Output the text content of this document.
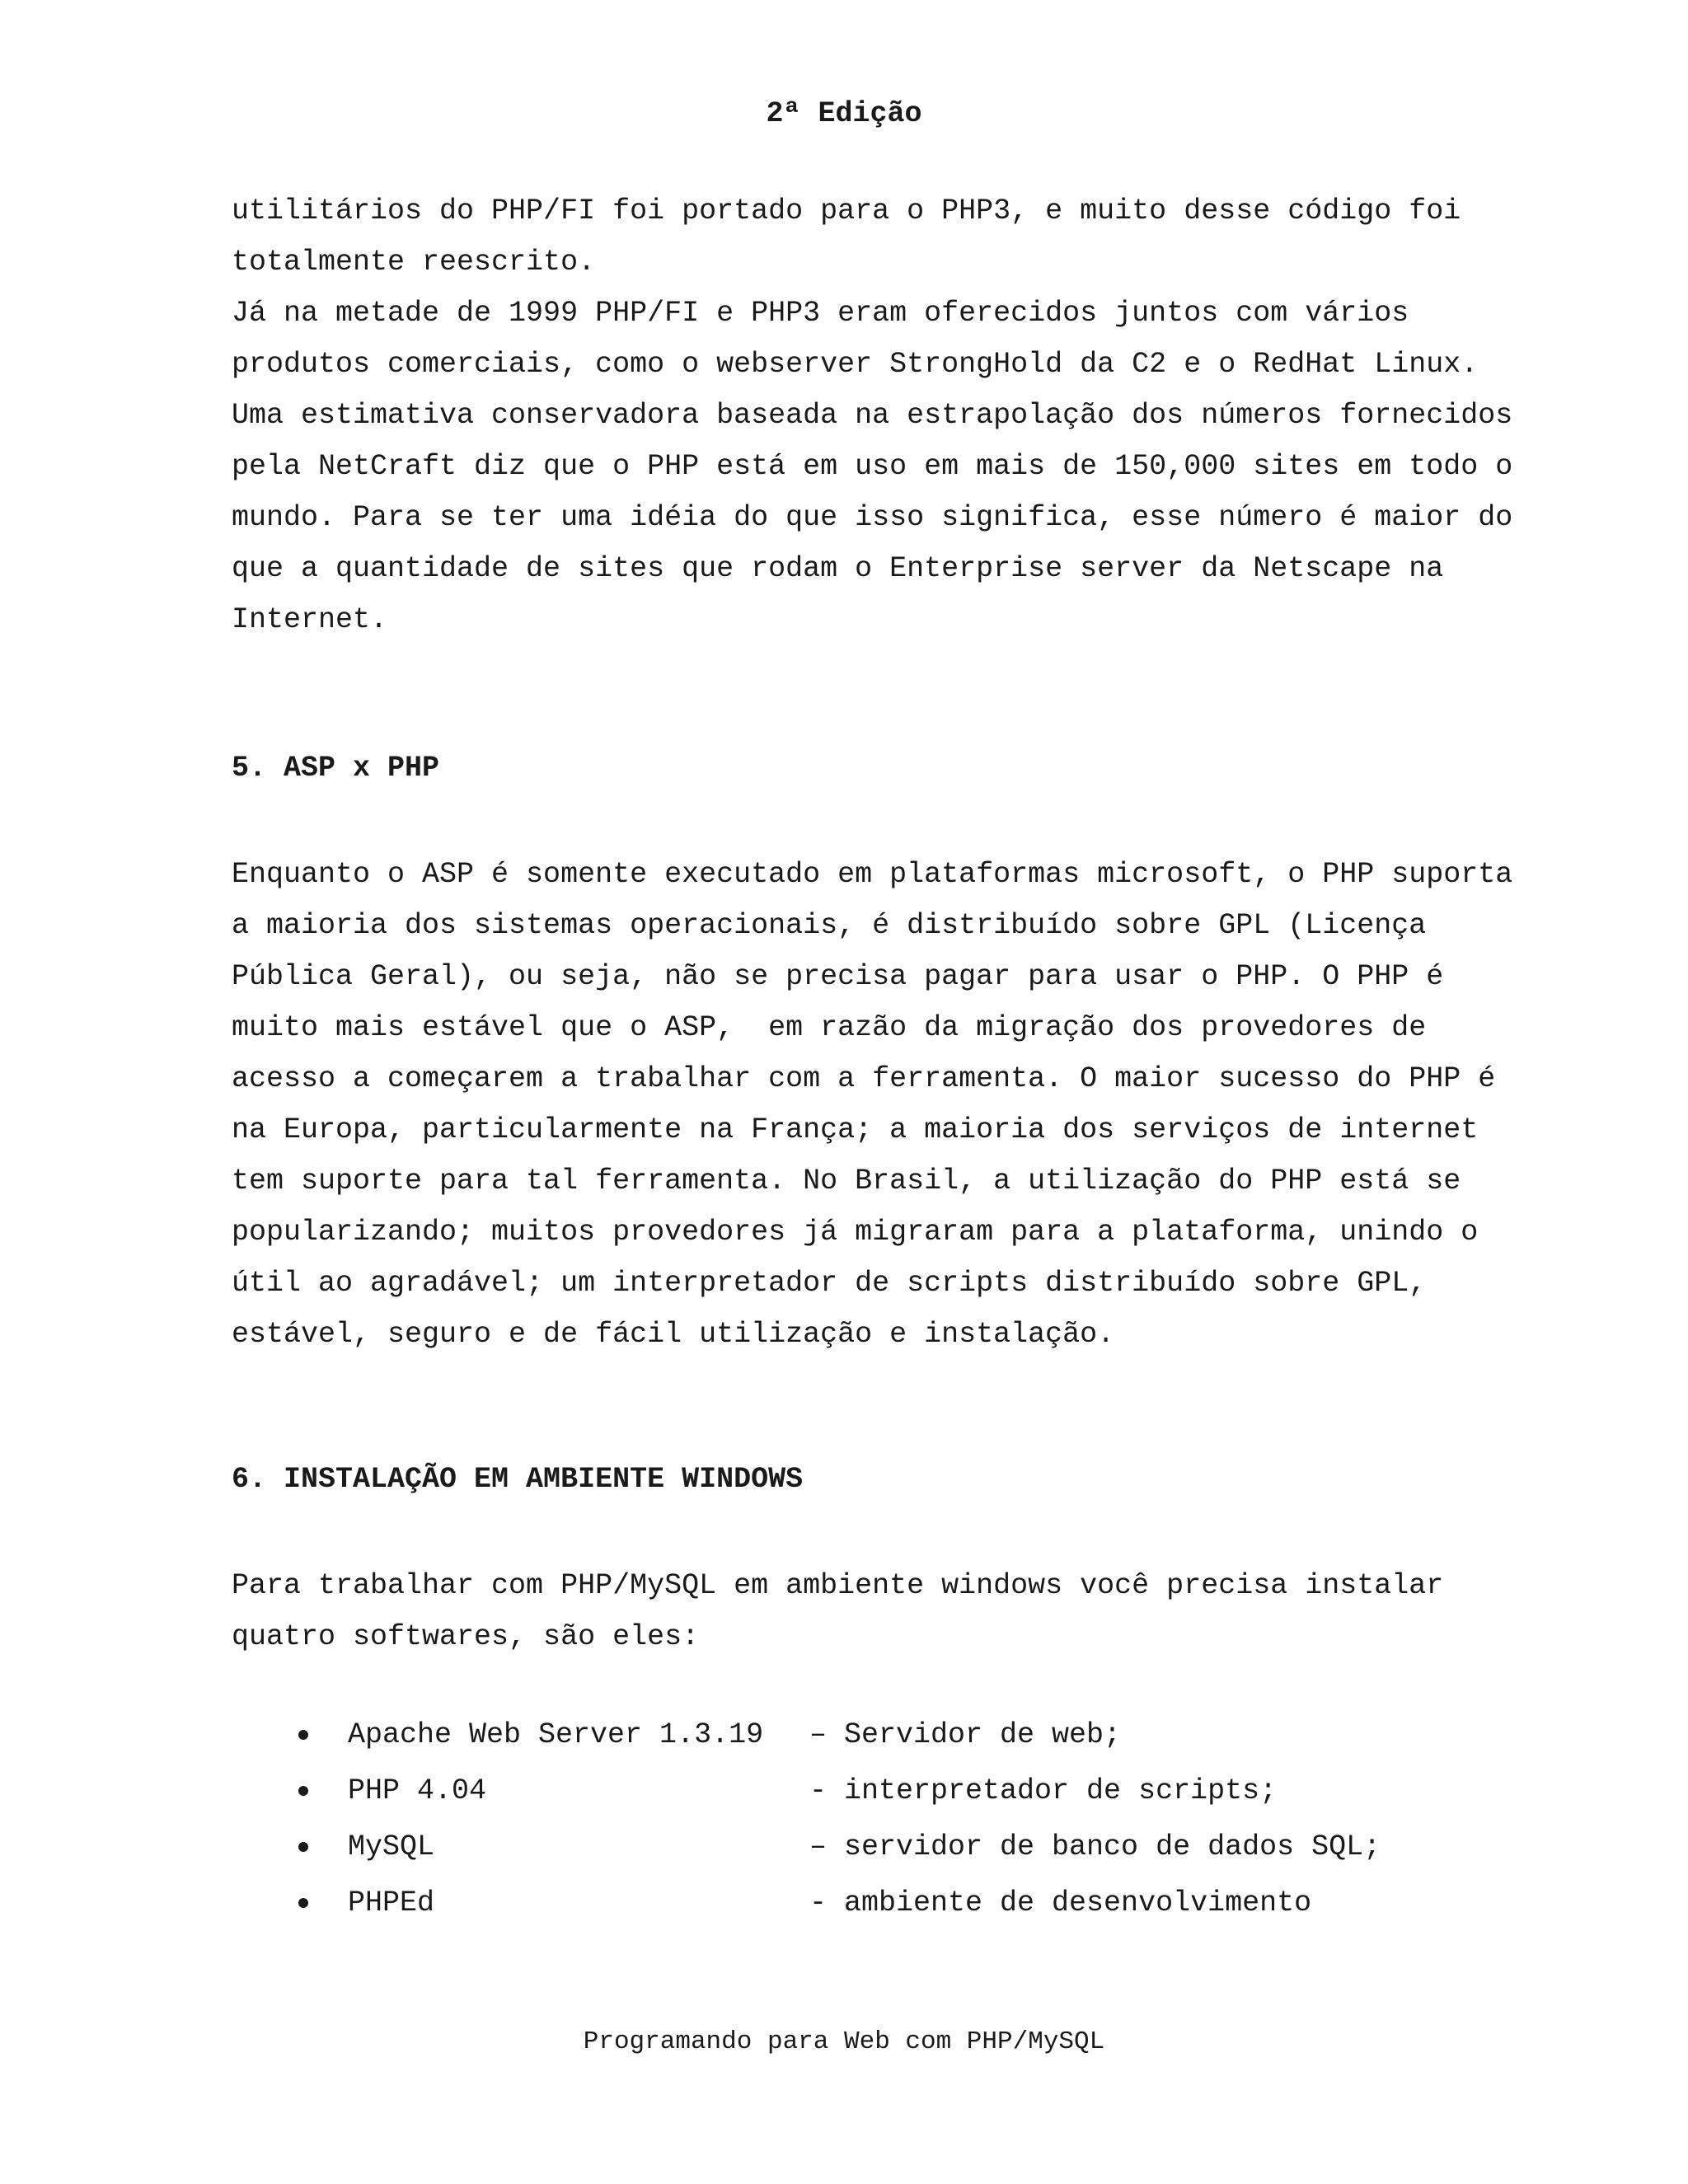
2ª Edição
utilitários do PHP/FI foi portado para o PHP3, e muito desse código foi
totalmente reescrito.
Já na metade de 1999 PHP/FI e PHP3 eram oferecidos juntos com vários
produtos comerciais, como o webserver StrongHold da C2 e o RedHat Linux.
Uma estimativa conservadora baseada na estrapolação dos números fornecidos
pela NetCraft diz que o PHP está em uso em mais de 150,000 sites em todo o
mundo. Para se ter uma idéia do que isso significa, esse número é maior do
que a quantidade de sites que rodam o Enterprise server da Netscape na
Internet.
5. ASP x PHP
Enquanto o ASP é somente executado em plataformas microsoft, o PHP suporta
a maioria dos sistemas operacionais, é distribuído sobre GPL (Licença
Pública Geral), ou seja, não se precisa pagar para usar o PHP. O PHP é
muito mais estável que o ASP,  em razão da migração dos provedores de
acesso a começarem a trabalhar com a ferramenta. O maior sucesso do PHP é
na Europa, particularmente na França; a maioria dos serviços de internet
tem suporte para tal ferramenta. No Brasil, a utilização do PHP está se
popularizando; muitos provedores já migraram para a plataforma, unindo o
útil ao agradável; um interpretador de scripts distribuído sobre GPL,
estável, seguro e de fácil utilização e instalação.
6. INSTALAÇÃO EM AMBIENTE WINDOWS
Para trabalhar com PHP/MySQL em ambiente windows você precisa instalar
quatro softwares, são eles:

Apache Web Server 1.3.19

– Servidor de web;

PHP 4.04

	- interpretador de scripts;

MySQL

	– servidor de banco de dados SQL;

PHPEd

	- ambiente de desenvolvimento

Programando para Web com PHP/MySQL
